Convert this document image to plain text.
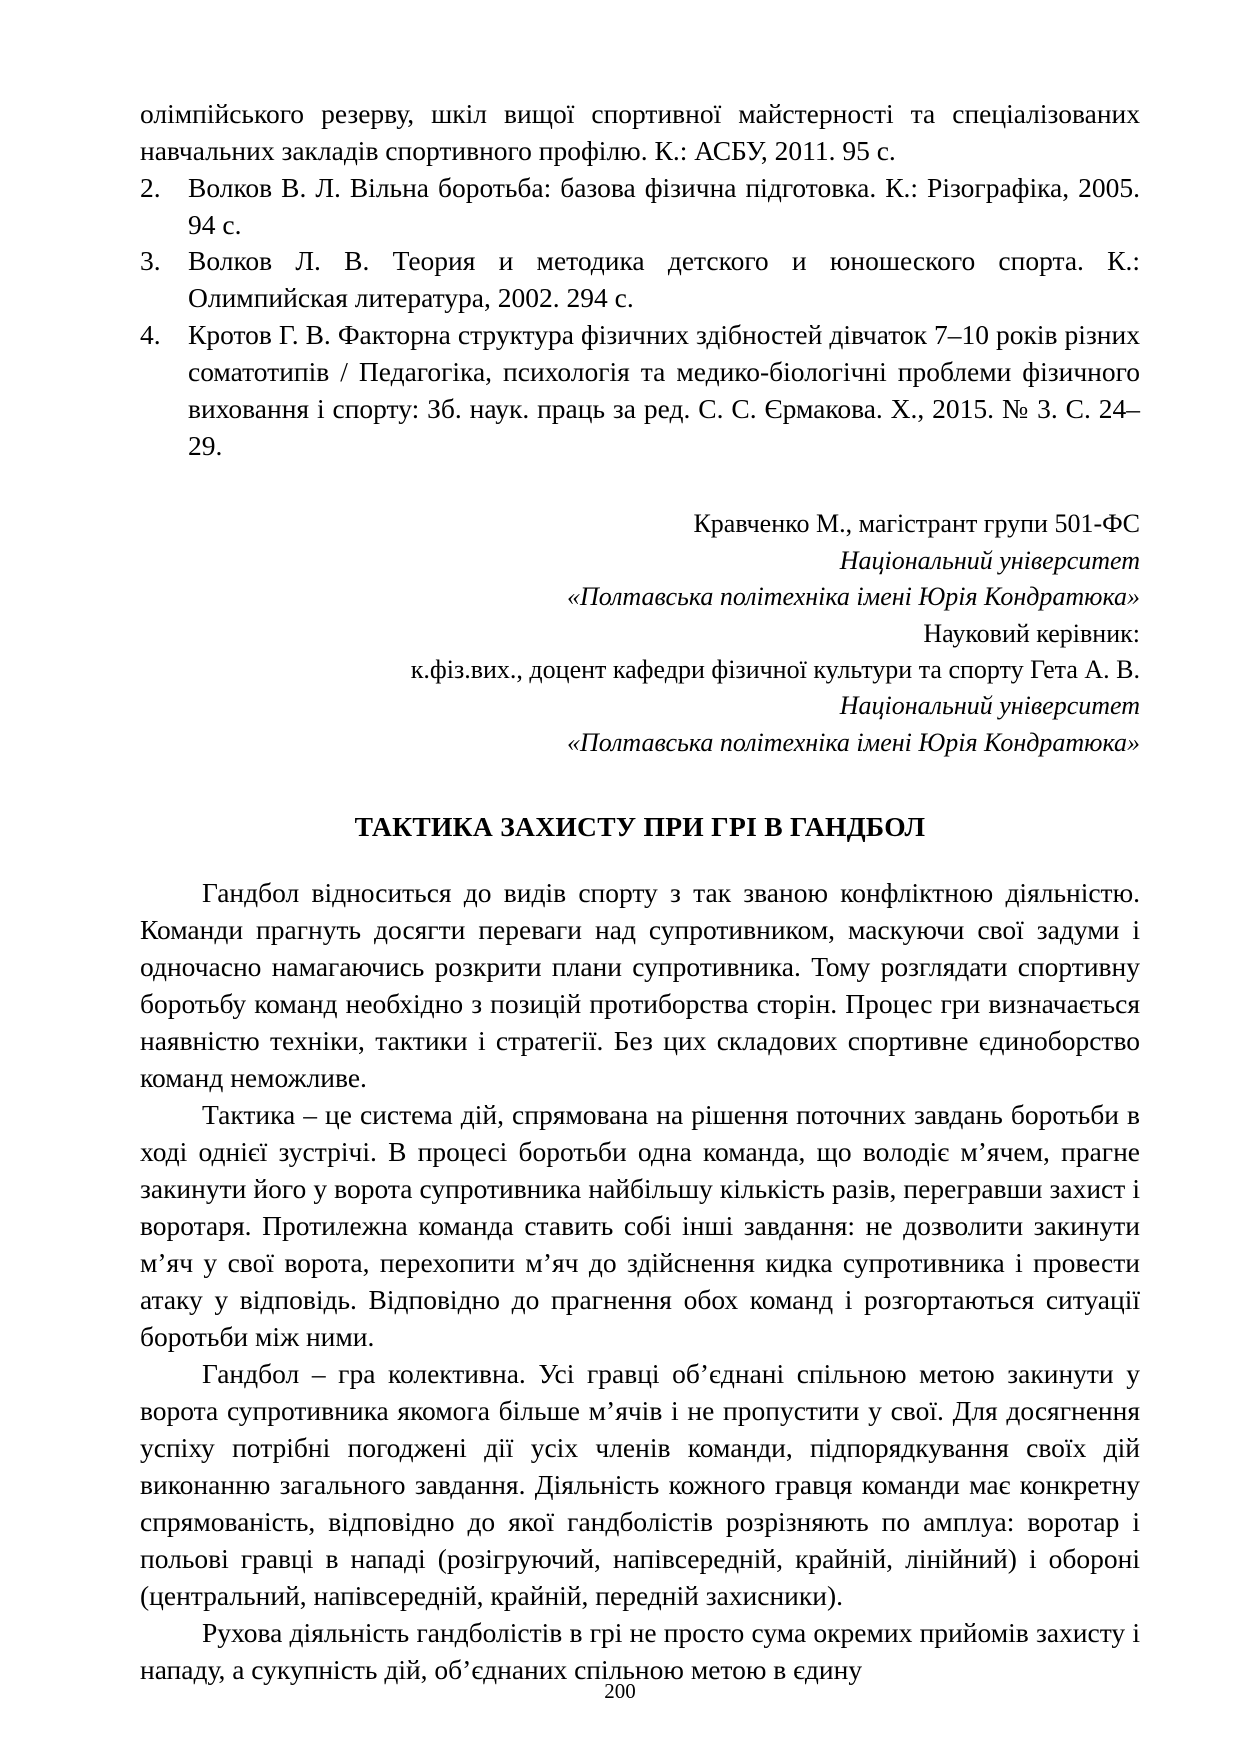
олімпійського резерву, шкіл вищої спортивної майстерності та спеціалізованих навчальних закладів спортивного профілю. К.: АСБУ, 2011. 95 с.

2. Волков В. Л. Вільна боротьба: базова фізична підготовка. К.: Різографіка, 2005. 94 с.
3. Волков Л. В. Теория и методика детского и юношеского спорта. К.: Олимпийская литература, 2002. 294 с.
4. Кротов Г. В. Факторна структура фізичних здібностей дівчаток 7–10 років різних соматотипів / Педагогіка, психологія та медико-біологічні проблеми фізичного виховання і спорту: Зб. наук. праць за ред. С. С. Єрмакова. Х., 2015. № 3. С. 24–29.
Кравченко М., магістрант групи 501-ФС
Національний університет
«Полтавська політехніка імені Юрія Кондратюка»
Науковий керівник:
к.фіз.вих., доцент кафедри фізичної культури та спорту Гета А. В.
Національний університет
«Полтавська політехніка імені Юрія Кондратюка»
ТАКТИКА ЗАХИСТУ ПРИ ГРІ В ГАНДБОЛ

Гандбол відноситься до видів спорту з так званою конфліктною діяльністю. Команди прагнуть досягти переваги над супротивником, маскуючи свої задуми і одночасно намагаючись розкрити плани супротивника. Тому розглядати спортивну боротьбу команд необхідно з позицій протиборства сторін. Процес гри визначається наявністю техніки, тактики і стратегії. Без цих складових спортивне єдиноборство команд неможливе.

Тактика – це система дій, спрямована на рішення поточних завдань боротьби в ході однієї зустрічі. В процесі боротьби одна команда, що володіє м’ячем, прагне закинути його у ворота супротивника найбільшу кількість разів, перегравши захист і воротаря. Протилежна команда ставить собі інші завдання: не дозволити закинути м’яч у свої ворота, перехопити м’яч до здійснення кидка супротивника і провести атаку у відповідь. Відповідно до прагнення обох команд і розгортаються ситуації боротьби між ними.

Гандбол – гра колективна. Усі гравці об’єднані спільною метою закинути у ворота супротивника якомога більше м’ячів і не пропустити у свої. Для досягнення успіху потрібні погоджені дії усіх членів команди, підпорядкування своїх дій виконанню загального завдання. Діяльність кожного гравця команди має конкретну спрямованість, відповідно до якої гандболістів розрізняють по амплуа: воротар і польові гравці в нападі (розігруючий, напівсередній, крайній, лінійний) і обороні (центральний, напівсередній, крайній, передній захисники).

Рухова діяльність гандболістів в грі не просто сума окремих прийомів захисту і нападу, а сукупність дій, об’єднаних спільною метою в єдину

200
